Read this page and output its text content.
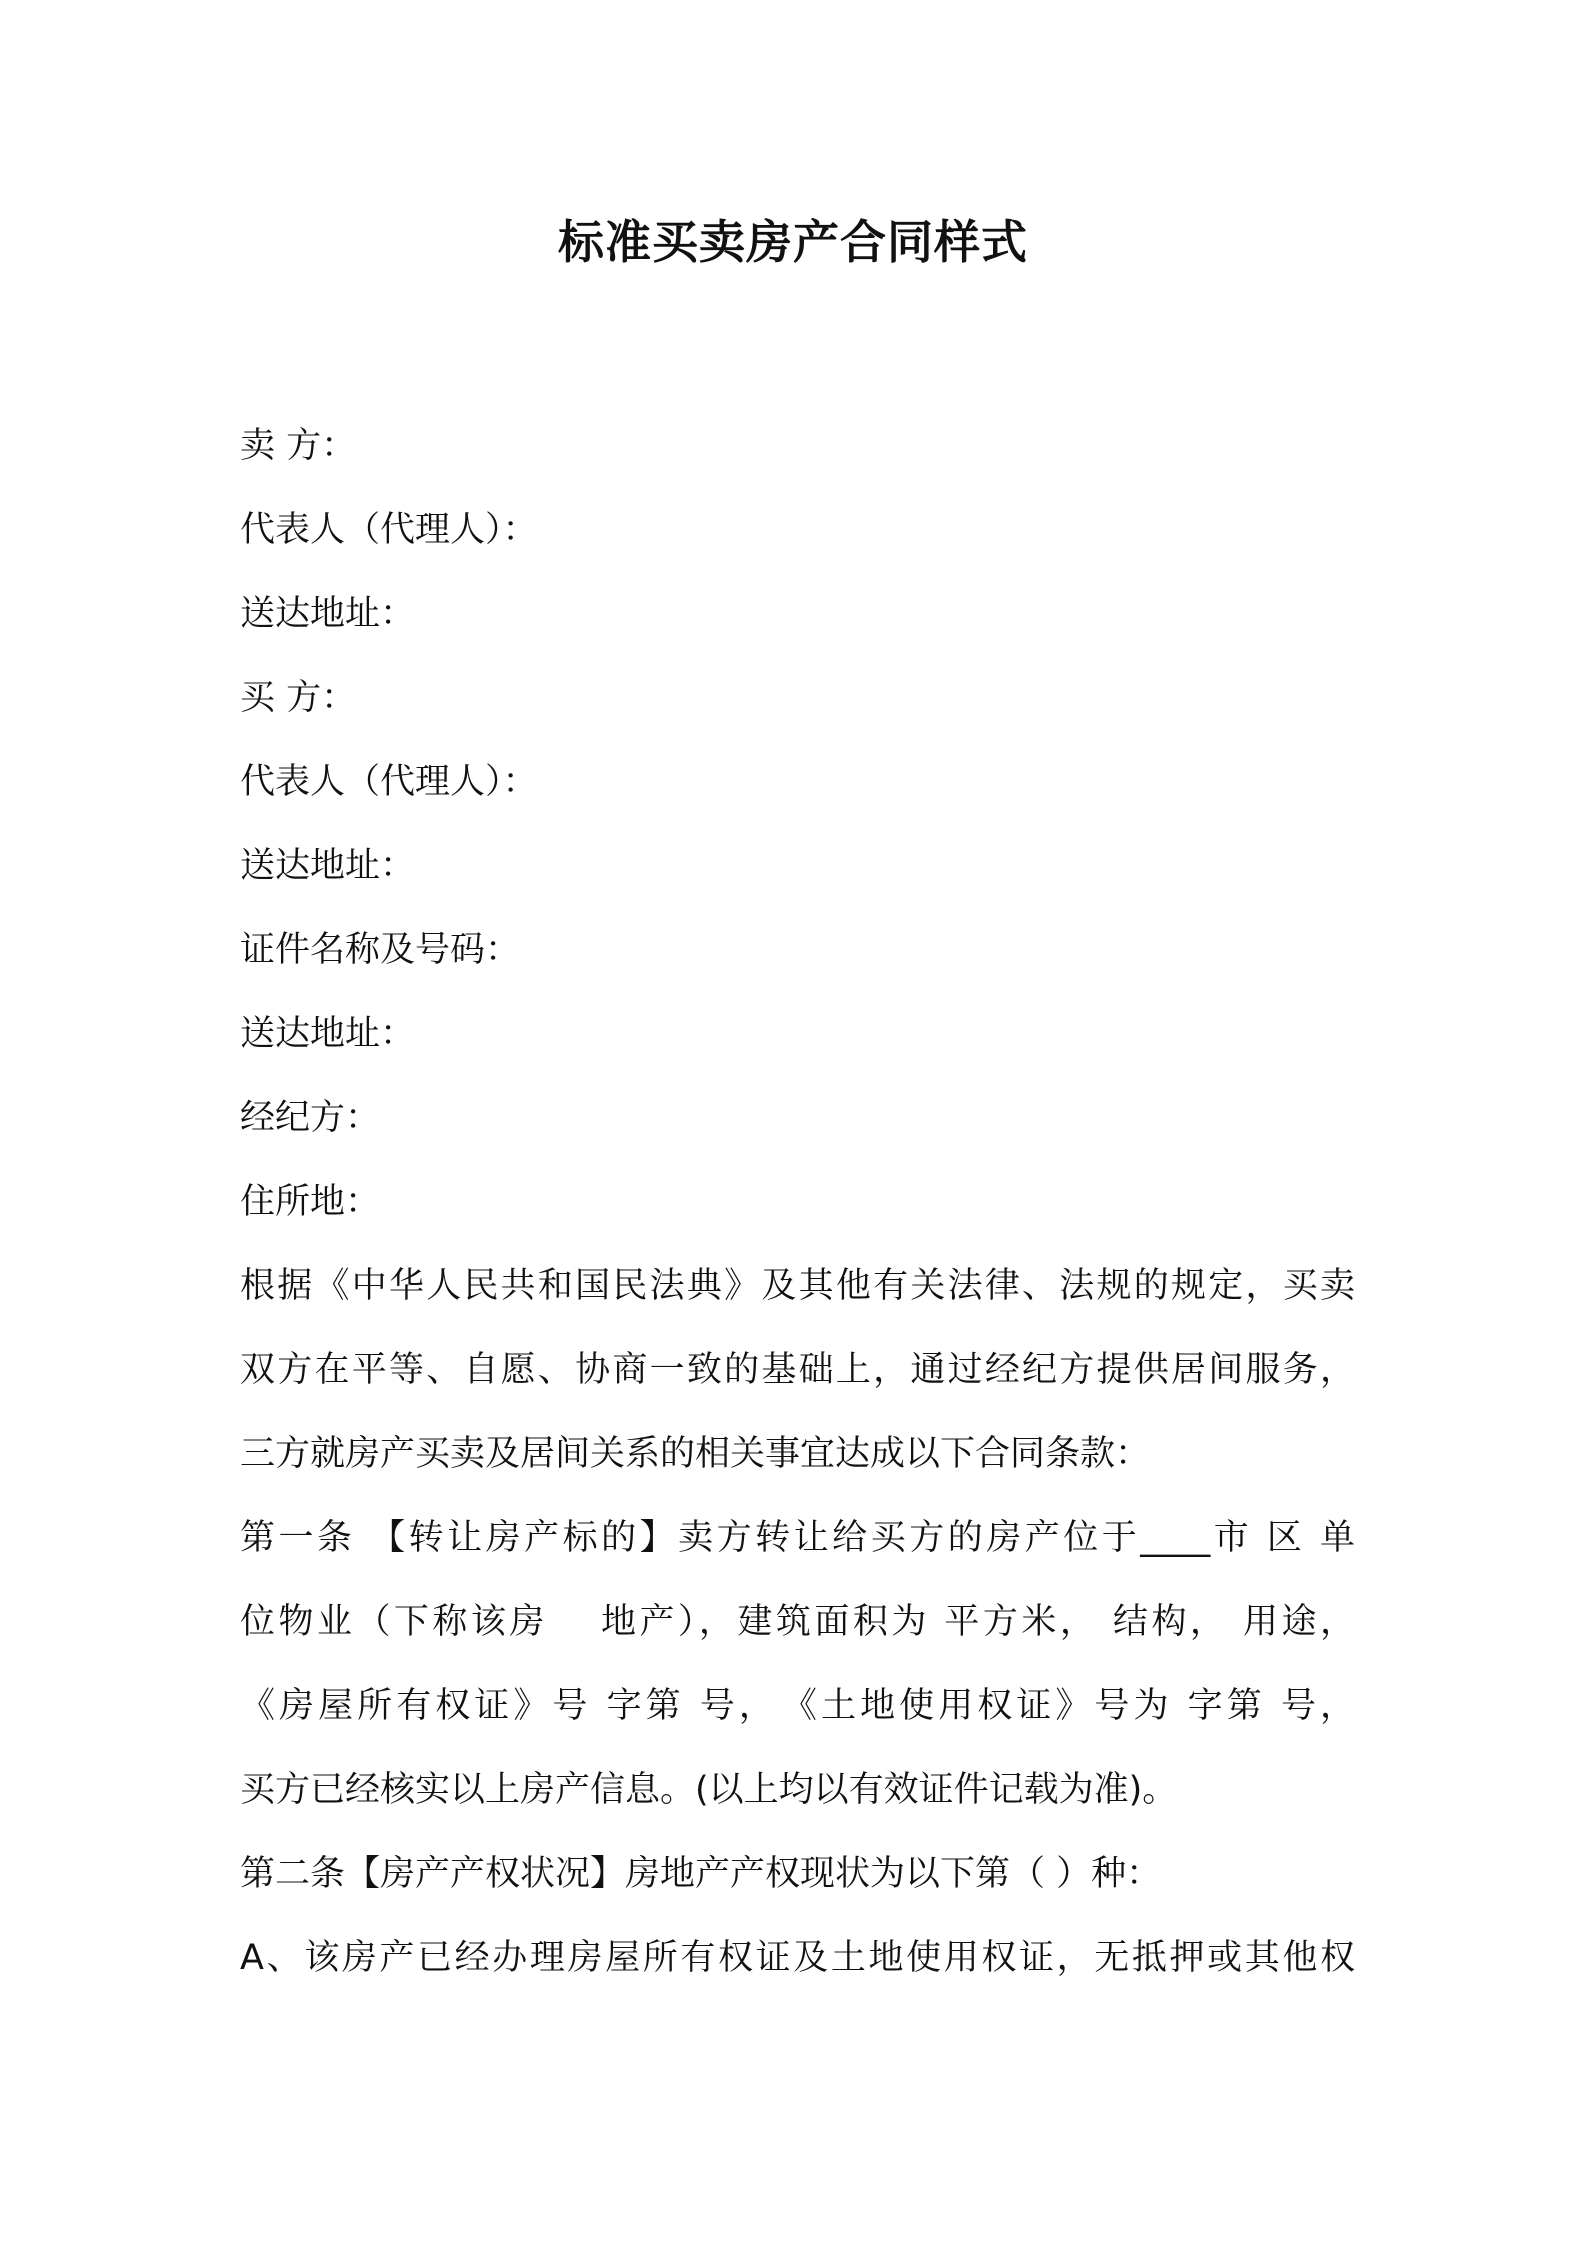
标准买卖房产合同样式
卖 方：
代表人（代理人）：
送达地址：
买 方：
代表人（代理人）：
送达地址：
证件名称及号码：
送达地址：
经纪方：
住所地：
根据《中华人民共和国民法典》及其他有关法律、法规的规定，买卖
双方在平等、自愿、协商一致的基础上，通过经纪方提供居间服务，
三方就房产买卖及居间关系的相关事宜达成以下合同条款：
第一条 【转让房产标的】卖方转让给买方的房产位于____市 区 单
位物业（下称该房　 地产），建筑面积为 平方米， 结构， 用途，
《房屋所有权证》号 字第 号，　《土地使用权证》号为 字第 号，
买方已经核实以上房产信息。(以上均以有效证件记载为准)。
第二条【房产产权状况】房地产产权现状为以下第（ ）种：
A、该房产已经办理房屋所有权证及土地使用权证，无抵押或其他权
